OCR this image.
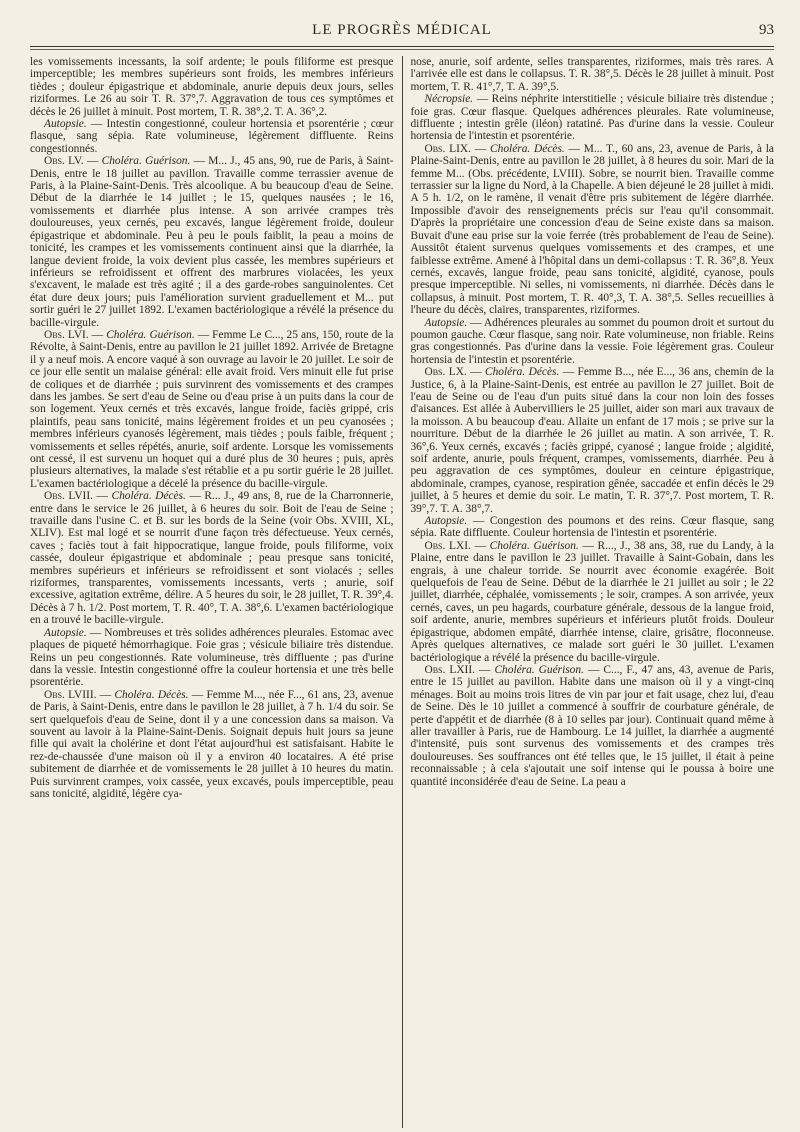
LE PROGRÈS MÉDICAL	93

les vomissements incessants, la soif ardente; le pouls filiforme est presque imperceptible; les membres supérieurs sont froids, les membres inférieurs tièdes ; douleur épigastrique et abdominale, anurie depuis deux jours, selles riziformes. Le 26 au soir T. R. 37°,7. Aggravation de tous ces symptômes et décès le 26 juillet à minuit. Post mortem, T. R. 38°,2. T. A. 36°,2.

Autopsie. — Intestin congestionné, couleur hortensia et psorentérie ; cœur flasque, sang sépia. Rate volumineuse, légèrement diffluente. Reins congestionnés.

Obs. LV. — Choléra. Guérison. — M... J., 45 ans, 90, rue de Paris, à Saint-Denis, entre le 18 juillet au pavillon. Travaille comme terrassier avenue de Paris, à la Plaine-Saint-Denis. Très alcoolique. A bu beaucoup d'eau de Seine. Début de la diarrhée le 14 juillet ; le 15, quelques nausées ; le 16, vomissements et diarrhée plus intense. A son arrivée crampes très douloureuses, yeux cernés, peu excavés, langue légèrement froide, douleur épigastrique et abdominale. Peu à peu le pouls faiblit, la peau a moins de tonicité, les crampes et les vomissements continuent ainsi que la diarrhée, la langue devient froide, la voix devient plus cassée, les membres supérieurs et inférieurs se refroidissent et offrent des marbrures violacées, les yeux s'excavent, le malade est très agité ; il a des garde-robes sanguinolentes. Cet état dure deux jours; puis l'amélioration survient graduellement et M... put sortir guéri le 27 juillet 1892. L'examen bactériologique a révélé la présence du bacille-virgule.

Obs. LVI. — Choléra. Guérison. — Femme Le C..., 25 ans, 150, route de la Révolte, à Saint-Denis, entre au pavillon le 21 juillet 1892. Arrivée de Bretagne il y a neuf mois. A encore vaqué à son ouvrage au lavoir le 20 juillet. Le soir de ce jour elle sentit un malaise général: elle avait froid. Vers minuit elle fut prise de coliques et de diarrhée ; puis survinrent des vomissements et des crampes dans les jambes. Se sert d'eau de Seine ou d'eau prise à un puits dans la cour de son logement. Yeux cernés et très excavés, langue froide, faciès grippé, cris plaintifs, peau sans tonicité, mains légèrement froides et un peu cyanosées ; membres inférieurs cyanosés légèrement, mais tièdes ; pouls faible, fréquent ; vomissements et selles répétés, anurie, soif ardente. Lorsque les vomissements ont cessé, il est survenu un hoquet qui a duré plus de 30 heures ; puis, après plusieurs alternatives, la malade s'est rétablie et a pu sortir guérie le 28 juillet. L'examen bactériologique a décelé la présence du bacille-virgule.

Obs. LVII. — Choléra. Décès. — R... J., 49 ans, 8, rue de la Charronnerie, entre dans le service le 26 juillet, à 6 heures du soir. Boit de l'eau de Seine ; travaille dans l'usine C. et B. sur les bords de la Seine (voir Obs. XVIII, XL, XLIV). Est mal logé et se nourrit d'une façon très défectueuse. Yeux cernés, caves ; faciès tout à fait hippocratique, langue froide, pouls filiforme, voix cassée, douleur épigastrique et abdominale ; peau presque sans tonicité, membres supérieurs et inférieurs se refroidissent et sont violacés ; selles riziformes, transparentes, vomissements incessants, verts ; anurie, soif excessive, agitation extrême, délire. A 5 heures du soir, le 28 juillet, T. R. 39°,4. Décès à 7 h. 1/2. Post mortem, T. R. 40°, T. A. 38°,6. L'examen bactériologique en a trouvé le bacille-virgule.

Autopsie. — Nombreuses et très solides adhérences pleurales. Estomac avec plaques de piqueté hémorrhagique. Foie gras ; vésicule biliaire très distendue. Reins un peu congestionnés. Rate volumineuse, très diffluente ; pas d'urine dans la vessie. Intestin congestionné offre la couleur hortensia et une très belle psorentérie.

Obs. LVIII. — Choléra. Décès. — Femme M..., née F..., 61 ans, 23, avenue de Paris, à Saint-Denis, entre dans le pavillon le 28 juillet, à 7 h. 1/4 du soir. Se sert quelquefois d'eau de Seine, dont il y a une concession dans sa maison. Va souvent au lavoir à la Plaine-Saint-Denis. Soignait depuis huit jours sa jeune fille qui avait la cholérine et dont l'état aujourd'hui est satisfaisant. Habite le rez-de-chaussée d'une maison où il y a environ 40 locataires. A été prise subitement de diarrhée et de vomissements le 28 juillet à 10 heures du matin. Puis survinrent crampes, voix cassée, yeux excavés, pouls imperceptible, peau sans tonicité, algidité, légère cya-

nose, anurie, soif ardente, selles transparentes, riziformes, mais très rares. A l'arrivée elle est dans le collapsus. T. R. 38°,5. Décès le 28 juillet à minuit. Post mortem, T. R. 41°,7, T. A. 39°,5.

Nécropsie. — Reins néphrite interstitielle ; vésicule biliaire très distendue ; foie gras. Cœur flasque. Quelques adhérences pleurales. Rate volumineuse, diffluente ; intestin grêle (iléon) ratatiné. Pas d'urine dans la vessie. Couleur hortensia de l'intestin et psorentérie.

Obs. LIX. — Choléra. Décès. — M... T., 60 ans, 23, avenue de Paris, à la Plaine-Saint-Denis, entre au pavillon le 28 juillet, à 8 heures du soir. Mari de la femme M... (Obs. précédente, LVIII). Sobre, se nourrit bien. Travaille comme terrassier sur la ligne du Nord, à la Chapelle. A bien déjeuné le 28 juillet à midi. A 5 h. 1/2, on le ramène, il venait d'être pris subitement de légère diarrhée. Impossible d'avoir des renseignements précis sur l'eau qu'il consommait. D'après la propriétaire une concession d'eau de Seine existe dans sa maison. Buvait d'une eau prise sur la voie ferrée (très probablement de l'eau de Seine). Aussitôt étaient survenus quelques vomissements et des crampes, et une faiblesse extrême. Amené à l'hôpital dans un demi-collapsus : T. R. 36°,8. Yeux cernés, excavés, langue froide, peau sans tonicité, algidité, cyanose, pouls presque imperceptible. Ni selles, ni vomissements, ni diarrhée. Décès dans le collapsus, à minuit. Post mortem, T. R. 40°,3, T. A. 38°,5. Selles recueillies à l'heure du décès, claires, transparentes, riziformes.

Autopsie. — Adhérences pleurales au sommet du poumon droit et surtout du poumon gauche. Cœur flasque, sang noir. Rate volumineuse, non friable. Reins gras congestionnés. Pas d'urine dans la vessie. Foie légèrement gras. Couleur hortensia de l'intestin et psorentérie.

Obs. LX. — Choléra. Décès. — Femme B..., née E..., 36 ans, chemin de la Justice, 6, à la Plaine-Saint-Denis, est entrée au pavillon le 27 juillet. Boit de l'eau de Seine ou de l'eau d'un puits situé dans la cour non loin des fosses d'aisances. Est allée à Aubervilliers le 25 juillet, aider son mari aux travaux de la moisson. A bu beaucoup d'eau. Allaite un enfant de 17 mois ; se prive sur la nourriture. Début de la diarrhée le 26 juillet au matin. A son arrivée, T. R. 36°,6. Yeux cernés, excavés ; faciès grippé, cyanosé ; langue froide ; algidité, soif ardente, anurie, pouls fréquent, crampes, vomissements, diarrhée. Peu à peu aggravation de ces symptômes, douleur en ceinture épigastrique, abdominale, crampes, cyanose, respiration gênée, saccadée et enfin décès le 29 juillet, à 5 heures et demie du soir. Le matin, T. R. 37°,7. Post mortem, T. R. 39°,7. T. A. 38°,7.

Autopsie. — Congestion des poumons et des reins. Cœur flasque, sang sépia. Rate diffluente. Couleur hortensia de l'intestin et psorentérie.

Obs. LXI. — Choléra. Guérison. — R..., J., 38 ans, 38, rue du Landy, à la Plaine, entre dans le pavillon le 23 juillet. Travaille à Saint-Gobain, dans les engrais, à une chaleur torride. Se nourrit avec économie exagérée. Boit quelquefois de l'eau de Seine. Début de la diarrhée le 21 juillet au soir ; le 22 juillet, diarrhée, céphalée, vomissements ; le soir, crampes. A son arrivée, yeux cernés, caves, un peu hagards, courbature générale, dessous de la langue froid, soif ardente, anurie, membres supérieurs et inférieurs plutôt froids. Douleur épigastrique, abdomen empâté, diarrhée intense, claire, grisâtre, floconneuse. Après quelques alternatives, ce malade sort guéri le 30 juillet. L'examen bactériologique a révélé la présence du bacille-virgule.

Obs. LXII. — Choléra. Guérison. — C..., F., 47 ans, 43, avenue de Paris, entre le 15 juillet au pavillon. Habite dans une maison où il y a vingt-cinq ménages. Boit au moins trois litres de vin par jour et fait usage, chez lui, d'eau de Seine. Dès le 10 juillet a commencé à souffrir de courbature générale, de perte d'appétit et de diarrhée (8 à 10 selles par jour). Continuait quand même à aller travailler à Paris, rue de Hambourg. Le 14 juillet, la diarrhée a augmenté d'intensité, puis sont survenus des vomissements et des crampes très douloureuses. Ses souffrances ont été telles que, le 15 juillet, il était à peine reconnaissable ; à cela s'ajoutait une soif intense qui le poussa à boire une quantité inconsidérée d'eau de Seine. La peau a
